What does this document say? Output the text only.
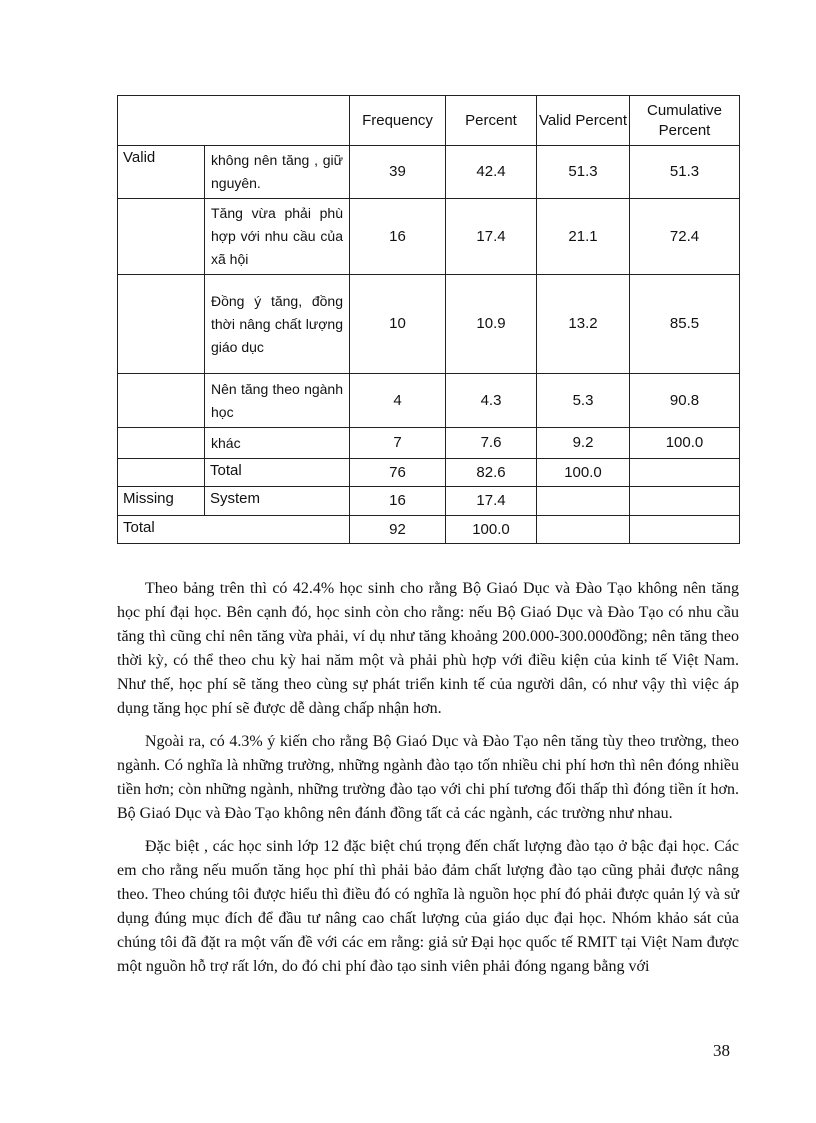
		Frequency	Percent	Valid Percent	Cumulative Percent
Valid	không nên tăng , giữ nguyên.	39	42.4	51.3	51.3
	Tăng vừa phải phù hợp với nhu cầu của xã hội	16	17.4	21.1	72.4
	Đồng ý tăng, đồng thời nâng chất lượng giáo dục	10	10.9	13.2	85.5
	Nên tăng theo ngành học	4	4.3	5.3	90.8
	khác	7	7.6	9.2	100.0
	Total	76	82.6	100.0	
Missing	System	16	17.4		
Total		92	100.0		

Theo bảng trên thì có 42.4% học sinh cho rằng Bộ Giaó Dục và Đào Tạo không nên tăng học phí đại học. Bên cạnh đó, học sinh còn cho rằng: nếu Bộ Giaó Dục và Đào Tạo có nhu cầu tăng thì cũng chỉ nên tăng vừa phải, ví dụ như tăng khoảng 200.000-300.000đồng; nên tăng theo thời kỳ, có thể theo chu kỳ hai năm một và phải phù hợp với điều kiện của kinh tế Việt Nam. Như thế, học phí sẽ tăng theo cùng sự phát triển kinh tế của người dân, có như vậy thì việc áp dụng tăng học phí sẽ được dễ dàng chấp nhận hơn.

Ngoài ra, có 4.3% ý kiến cho rằng Bộ Giaó Dục và Đào Tạo nên tăng tùy theo trường, theo ngành. Có nghĩa là những trường, những ngành đào tạo tốn nhiều chi phí hơn thì nên đóng nhiều tiền hơn; còn những ngành, những trường đào tạo với chi phí tương đối thấp thì đóng tiền ít hơn. Bộ Giaó Dục và Đào Tạo không nên đánh đồng tất cả các ngành, các trường như nhau.

Đặc biệt , các học sinh lớp 12 đặc biệt chú trọng đến chất lượng đào tạo ở bậc đại học. Các em cho rằng nếu muốn tăng học phí thì phải bảo đảm chất lượng đào tạo cũng phải được nâng theo. Theo chúng tôi được hiểu thì điều đó có nghĩa là nguồn học phí đó phải được quản lý và sử dụng đúng mục đích để đầu tư nâng cao chất lượng của giáo dục đại học. Nhóm khảo sát của chúng tôi đã đặt ra một vấn đề với các em rằng: giả sử Đại học quốc tế RMIT tại Việt Nam được một nguồn hỗ trợ rất lớn, do đó chi phí đào tạo sinh viên phải đóng ngang bằng với

38
